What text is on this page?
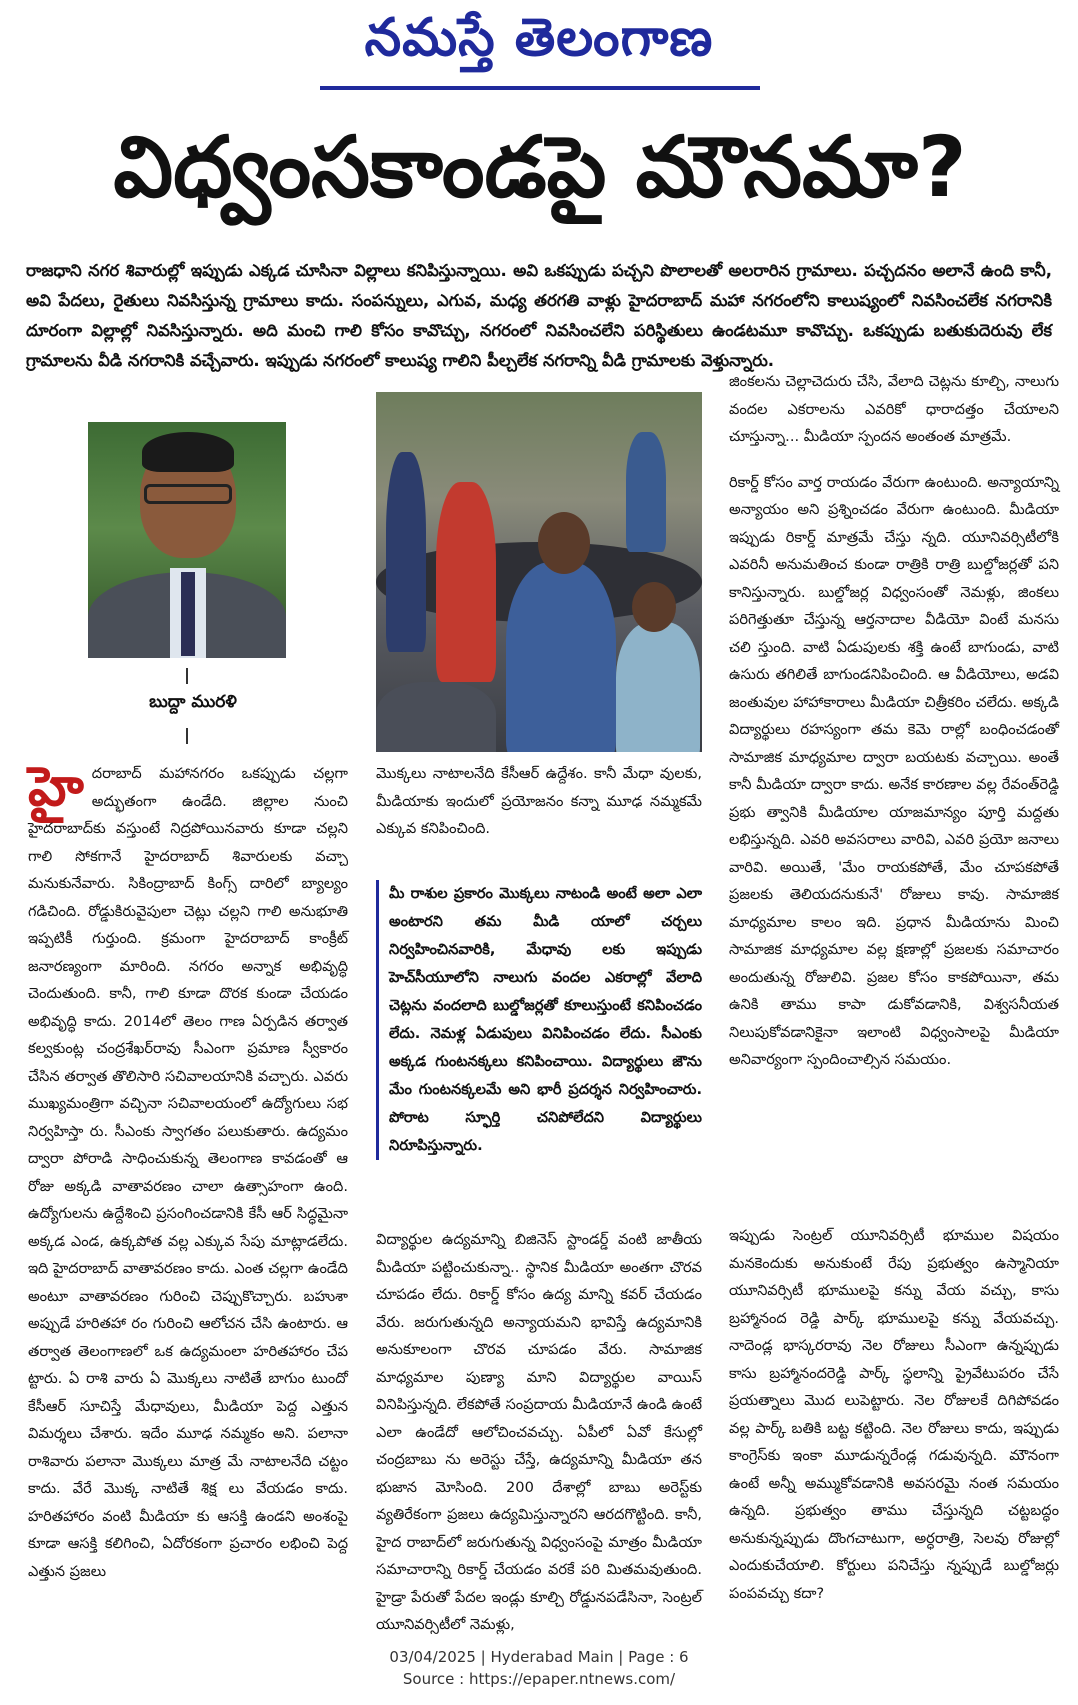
నమస్తే తెలంగాణ
విధ్వంసకాండపై మౌనమా?
రాజధాని నగర శివారుల్లో ఇప్పుడు ఎక్కడ చూసినా విల్లాలు కనిపిస్తున్నాయి. అవి ఒకప్పుడు పచ్చని పొలాలతో అలరారిన గ్రామాలు. పచ్చదనం అలానే ఉంది కానీ, అవి పేదలు, రైతులు నివసిస్తున్న గ్రామాలు కాదు. సంపన్నులు, ఎగువ, మధ్య తరగతి వాళ్లు హైదరాబాద్ మహా నగరంలోని కాలుష్యంలో నివసించలేక నగరానికి దూరంగా విల్లాల్లో నివసిస్తున్నారు. అది మంచి గాలి కోసం కావొచ్చు, నగరంలో నివసించలేని పరిస్థితులు ఉండటమూ కావొచ్చు. ఒకప్పుడు బతుకుదెరువు లేక గ్రామాలను వీడి నగరానికి వచ్చేవారు. ఇప్పుడు నగరంలో కాలుష్య గాలిని పీల్చలేక నగరాన్ని వీడి గ్రామాలకు వెళ్తున్నారు.
బుద్దా మురళి

హైదరాబాద్ మహానగరం ఒకప్పుడు చల్లగా అద్భుతంగా ఉండేది. జిల్లాల నుంచి హైదరాబాద్‌కు వస్తుంటే నిద్రపోయినవారు కూడా చల్లని గాలి సోకగానే హైదరాబాద్ శివారులకు వచ్చా మనుకునేవారు. సికింద్రాబాద్ కింగ్స్ దారిలో బ్యాల్యం గడిచింది. రోడ్డుకిరువైపులా చెట్లు చల్లని గాలి అనుభూతి ఇప్పటికీ గుర్తుంది. క్రమంగా హైదరాబాద్ కాంక్రీట్ జనారణ్యంగా మారింది. నగరం అన్నాక అభివృద్ధి చెందుతుంది. కానీ, గాలి కూడా దొరక కుండా చేయడం అభివృద్ధి కాదు. 2014లో తెలం గాణ ఏర్పడిన తర్వాత కల్వకుంట్ల చంద్రశేఖర్‌రావు సీఎంగా ప్రమాణ స్వీకారం చేసిన తర్వాత తొలిసారి సచివాలయానికి వచ్చారు. ఎవరు ముఖ్యమంత్రిగా వచ్చినా సచివాలయంలో ఉద్యోగులు సభ నిర్వహిస్తా రు. సీఎంకు స్వాగతం పలుకుతారు. ఉద్యమం ద్వారా పోరాడి సాధించుకున్న తెలంగాణ కావడంతో ఆ రోజు అక్కడి వాతావరణం చాలా ఉత్సాహంగా ఉంది. ఉద్యోగులను ఉద్దేశించి ప్రసంగించడానికి కేసీ ఆర్ సిద్ధమైనా అక్కడ ఎండ, ఉక్కపోత వల్ల ఎక్కువ సేపు మాట్లాడలేదు. ఇది హైదరాబాద్ వాతావరణం కాదు. ఎంత చల్లగా ఉండేది అంటూ వాతావరణం గురించి చెప్పుకొచ్చారు. బహుశా అప్పుడే హరితహా రం గురించి ఆలోచన చేసి ఉంటారు. ఆ తర్వాత తెలంగాణలో ఒక ఉద్యమంలా హరితహారం చేప ట్టారు. ఏ రాశి వారు ఏ మొక్కలు నాటితే బాగుం టుందో కేసీఆర్ సూచిస్తే మేధావులు, మీడియా పెద్ద ఎత్తున విమర్శలు చేశారు. ఇదేం మూఢ నమ్మకం అని. పలానా రాశివారు పలానా మొక్కలు మాత్ర మే నాటాలనేది చట్టం కాదు. వేరే మొక్క నాటితే శిక్ష లు వేయడం కాదు. హరితహారం వంటి మీడియా కు ఆసక్తి ఉండని అంశంపై కూడా ఆసక్తి కలిగించి, ఏదోరకంగా ప్రచారం లభించి పెద్ద ఎత్తున ప్రజలు

మొక్కలు నాటాలనేది కేసీఆర్ ఉద్దేశం. కానీ మేధా వులకు, మీడియాకు ఇందులో ప్రయోజనం కన్నా మూఢ నమ్మకమే ఎక్కువ కనిపించింది.
మీ రాశుల ప్రకారం మొక్కలు నాటండి అంటే అలా ఎలా అంటారని తమ మీడి యాలో చర్చలు నిర్వహించినవారికి, మేధావు లకు ఇప్పుడు హెచ్‌సీయూలోని నాలుగు వందల ఎకరాల్లో వేలాది చెట్లను వందలాది బుల్డోజర్లతో కూలుస్తుంటే కనిపించడం లేదు. నెమళ్ల ఏడుపులు వినిపించడం లేదు. సీఎంకు అక్కడ గుంటనక్కలు కనిపించాయి. విద్యార్థులు జౌను మేం గుంటనక్కలమే అని భారీ ప్రదర్శన నిర్వహించారు. పోరాట స్ఫూర్తి చనిపోలేదని విద్యార్థులు నిరూపిస్తున్నారు.
విద్యార్థుల ఉద్యమాన్ని బిజినెస్ స్టాండర్డ్ వంటి జాతీయ మీడియా పట్టించుకున్నా.. స్థానిక మీడియా అంతగా చొరవ చూపడం లేదు. రికార్డ్ కోసం ఉద్య మాన్ని కవర్ చేయడం వేరు. జరుగుతున్నది అన్యాయమని భావిస్తే ఉద్యమానికి అనుకూలంగా చొరవ చూపడం వేరు. సామాజిక మాధ్యమాల పుణ్యా మాని విద్యార్థుల వాయిస్ వినిపిస్తున్నది. లేకపోతే సంప్రదాయ మీడియానే ఉండి ఉంటే ఎలా ఉండేదో ఆలోచించవచ్చు. ఏపీలో ఏవో కేసుల్లో చంద్రబాబు ను అరెస్టు చేస్తే, ఉద్యమాన్ని మీడియా తన భుజాన మోసింది. 200 దేశాల్లో బాబు అరెస్ట్‌కు వ్యతిరేకంగా ప్రజలు ఉద్యమిస్తున్నారని ఆరదగొట్టింది. కానీ, హైద రాబాద్‌లో జరుగుతున్న విధ్వంసంపై మాత్రం మీడియా సమాచారాన్ని రికార్డ్ చేయడం వరకే పరి మితమవుతుంది. హైడ్రా పేరుతో పేదల ఇండ్లు కూల్చి రోడ్డునపడేసినా, సెంట్రల్ యూనివర్సిటీలో నెమళ్లు,

జింకలను చెల్లాచెదురు చేసి, వేలాది చెట్లను కూల్చి, నాలుగు వందల ఎకరాలను ఎవరికో ధారాదత్తం చేయాలని చూస్తున్నా... మీడియా స్పందన అంతంత మాత్రమే.

రికార్డ్ కోసం వార్త రాయడం వేరుగా ఉంటుంది. అన్యాయాన్ని అన్యాయం అని ప్రశ్నించడం వేరుగా ఉంటుంది. మీడియా ఇప్పుడు రికార్డ్ మాత్రమే చేస్తు న్నది. యూనివర్సిటీలోకి ఎవరినీ అనుమతించ కుండా రాత్రికి రాత్రి బుల్డోజర్లతో పని కానిస్తున్నారు. బుల్డోజర్ల విధ్వంసంతో నెమళ్లు, జింకలు పరిగెత్తుతూ చేస్తున్న ఆర్తనాదాల వీడియో వింటే మనసు చలి స్తుంది. వాటి ఏడుపులకు శక్తి ఉంటే బాగుండు, వాటి ఉసురు తగిలితే బాగుండనిపించింది. ఆ వీడియోలు, అడవి జంతువుల హాహాకారాలు మీడియా చిత్రీకరిం చలేదు. అక్కడి విద్యార్థులు రహస్యంగా తమ కెమె రాల్లో బంధించడంతో సామాజిక మాధ్యమాల ద్వారా బయటకు వచ్చాయి. అంతే కానీ మీడియా ద్వారా కాదు. అనేక కారణాల వల్ల రేవంత్‌రెడ్డి ప్రభు త్వానికి మీడియాల యాజమాన్యం పూర్తి మద్దతు లభిస్తున్నది. ఎవరి అవసరాలు వారివి, ఎవరి ప్రయో జనాలు వారివి. అయితే, 'మేం రాయకపోతే, మేం చూపకపోతే ప్రజలకు తెలియదనుకునే' రోజులు కావు. సామాజిక మాధ్యమాల కాలం ఇది. ప్రధాన మీడియాను మించి సామాజిక మాధ్యమాల వల్ల క్షణాల్లో ప్రజలకు సమాచారం అందుతున్న రోజులివి. ప్రజల కోసం కాకపోయినా, తమ ఉనికి తాము కాపా డుకోవడానికి, విశ్వసనీయత నిలుపుకోవడానికైనా ఇలాంటి విధ్వంసాలపై మీడియా అనివార్యంగా స్పందించాల్సిన సమయం.

ఇప్పుడు సెంట్రల్ యూనివర్సిటీ భూముల విషయం మనకెందుకు అనుకుంటే రేపు ప్రభుత్వం ఉస్మానియా యూనివర్సిటీ భూములపై కన్ను వేయ వచ్చు, కాసు బ్రహ్మానంద రెడ్డి పార్క్ భూములపై కన్ను వేయవచ్చు. నాదెండ్ల భాస్కరరావు నెల రోజులు సీఎంగా ఉన్నప్పుడు కాసు బ్రహ్మానందరెడ్డి పార్క్ స్థలాన్ని ప్రైవేటుపరం చేసే ప్రయత్నాలు మొద లుపెట్టారు. నెల రోజులకే దిగిపోవడం వల్ల పార్క్ బతికి బట్ట కట్టింది. నెల రోజులు కాదు, ఇప్పుడు కాంగ్రెస్‌కు ఇంకా మూడున్నరేండ్ల గడువున్నది. మౌనంగా ఉంటే అన్నీ అమ్ముకోవడానికి అవసరమై నంత సమయం ఉన్నది. ప్రభుత్వం తాము చేస్తున్నది చట్టబద్ధం అనుకున్నప్పుడు దొంగచాటుగా, అర్ధరాత్రి, సెలవు రోజుల్లో ఎందుకుచేయాలి. కోర్టులు పనిచేస్తు న్నప్పుడే బుల్డోజర్లు పంపవచ్చు కదా?
03/04/2025 | Hyderabad Main | Page : 6
Source : https://epaper.ntnews.com/
